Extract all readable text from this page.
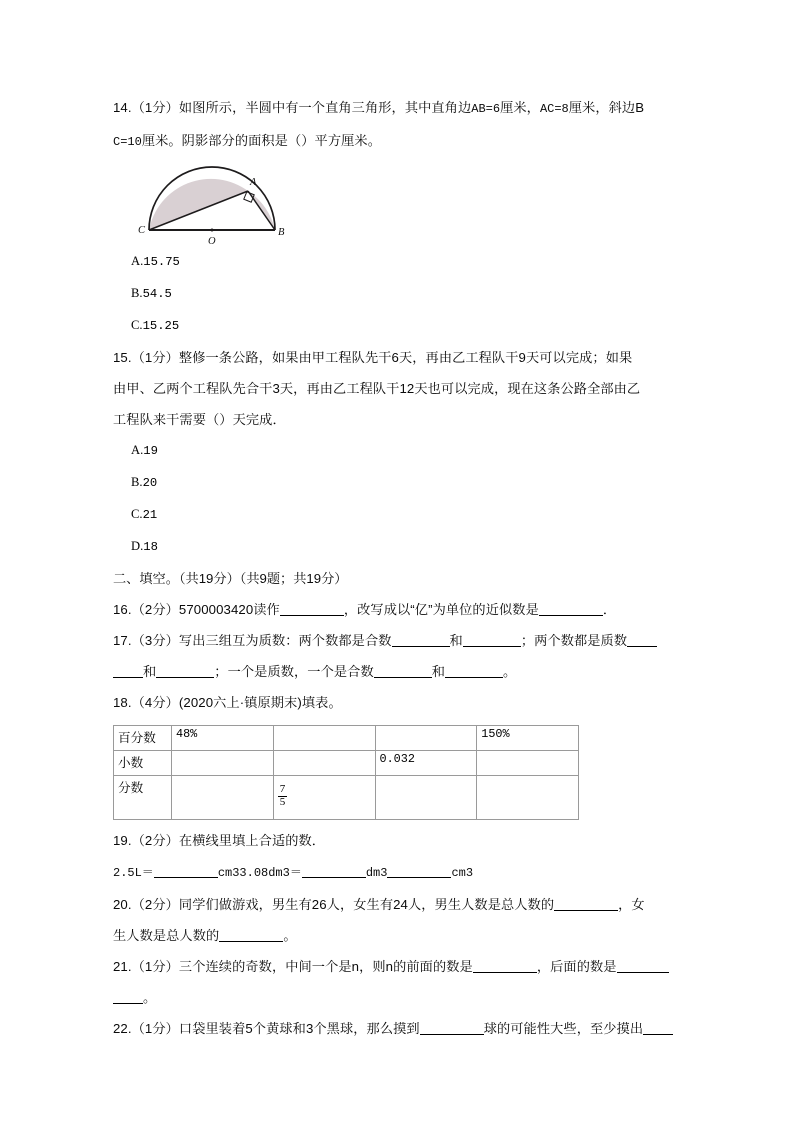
14.（1分）如图所示，半圆中有一个直角三角形，其中直角边AB=6厘米，AC=8厘米，斜边B
C=10厘米。阴影部分的面积是（）平方厘米。
A
B
C
O
A.15.75
B.54.5
C.15.25
15.（1分）整修一条公路，如果由甲工程队先干6天，再由乙工程队干9天可以完成；如果
由甲、乙两个工程队先合干3天，再由乙工程队干12天也可以完成，现在这条公路全部由乙
工程队来干需要（）天完成．
A.19
B.20
C.21
D.18
二、填空。（共19分）（共9题；共19分）
16.（2分）5700003420读作	，改写成以“亿”为单位的近似数是	．
17.（3分）写出三组互为质数：两个数都是合数	和	；两个数都是质数
和	；一个是质数，一个是合数	和	。
18.（4分）(2020六上·镇原期末)填表。
百分数	48%			150%
小数			0.032	
分数		$\frac{7}{5}$

19.（2分）在横线里填上合适的数．
2.5L＝	cm33.08dm3＝	dm3	cm3
20.（2分）同学们做游戏，男生有26人，女生有24人，男生人数是总人数的	，女
生人数是总人数的	。
21.（1分）三个连续的奇数，中间一个是n，则n的前面的数是	，后面的数是
。
22.（1分）口袋里装着5个黄球和3个黑球，那么摸到	球的可能性大些，至少摸出
